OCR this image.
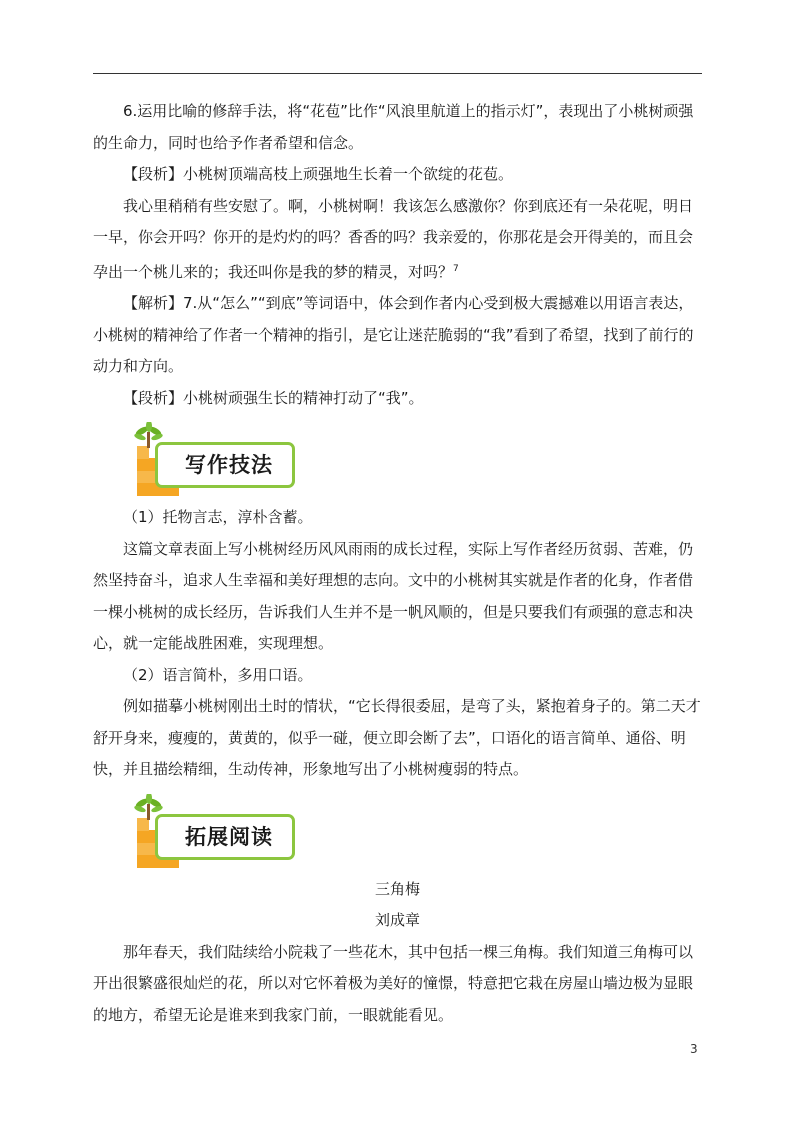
6.运用比喻的修辞手法，将“花苞”比作“风浪里航道上的指示灯”，表现出了小桃树顽强的生命力，同时也给予作者希望和信念。

【段析】小桃树顶端高枝上顽强地生长着一个欲绽的花苞。

我心里稍稍有些安慰了。啊，小桃树啊！我该怎么感激你？你到底还有一朵花呢，明日一早，你会开吗？你开的是灼灼的吗？香香的吗？我亲爱的，你那花是会开得美的，而且会孕出一个桃儿来的；我还叫你是我的梦的精灵，对吗？$^7$

【解析】7.从“怎么”“到底”等词语中，体会到作者内心受到极大震撼难以用语言表达，小桃树的精神给了作者一个精神的指引，是它让迷茫脆弱的“我”看到了希望，找到了前行的动力和方向。

【段析】小桃树顽强生长的精神打动了“我”。

写作技法

（1）托物言志，淳朴含蓄。

这篇文章表面上写小桃树经历风风雨雨的成长过程，实际上写作者经历贫弱、苦难，仍然坚持奋斗，追求人生幸福和美好理想的志向。文中的小桃树其实就是作者的化身，作者借一棵小桃树的成长经历，告诉我们人生并不是一帆风顺的，但是只要我们有顽强的意志和决心，就一定能战胜困难，实现理想。

（2）语言简朴，多用口语。

例如描摹小桃树刚出土时的情状，“它长得很委屈，是弯了头，紧抱着身子的。第二天才舒开身来，瘦瘦的，黄黄的，似乎一碰，便立即会断了去”，口语化的语言简单、通俗、明快，并且描绘精细，生动传神，形象地写出了小桃树瘦弱的特点。

拓展阅读

三角梅

刘成章

那年春天，我们陆续给小院栽了一些花木，其中包括一棵三角梅。我们知道三角梅可以开出很繁盛很灿烂的花，所以对它怀着极为美好的憧憬，特意把它栽在房屋山墙边极为显眼的地方，希望无论是谁来到我家门前，一眼就能看见。

3
